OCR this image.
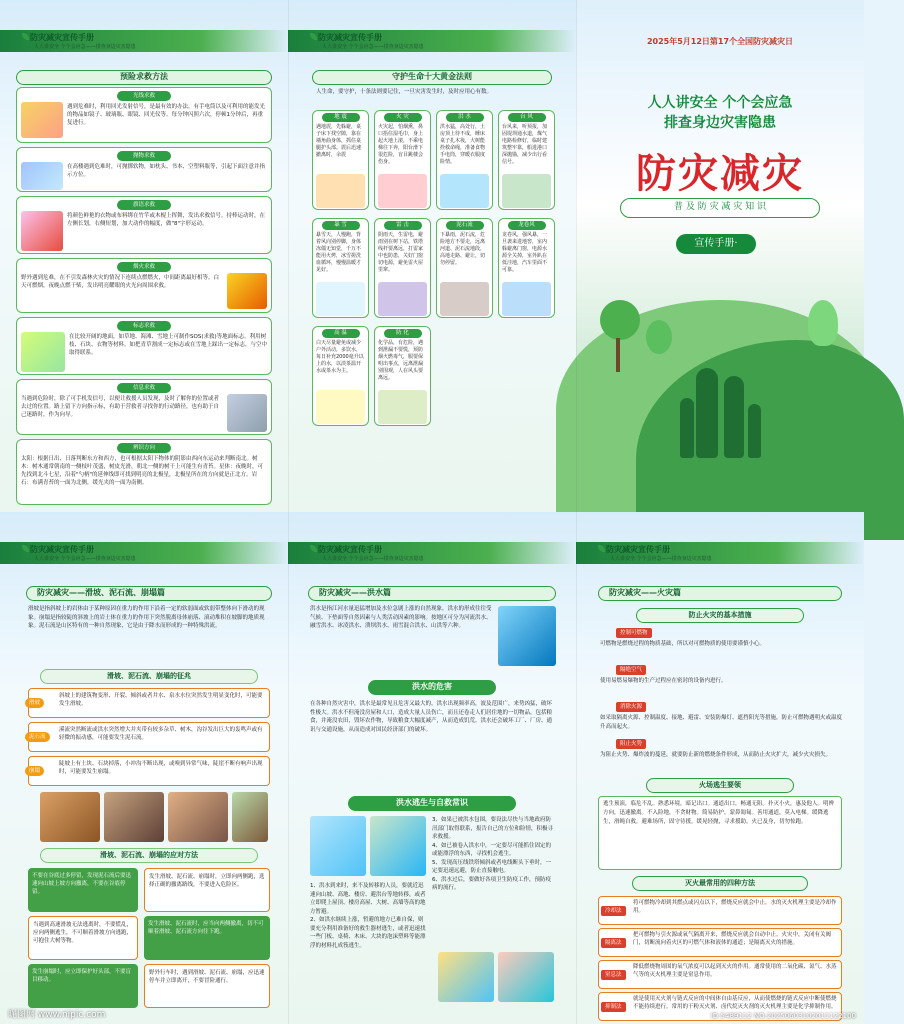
防灾减灾宣传手册
人人讲安全 个个会应急——排查身边灾害隐患
预险求救方法
光线求救
遇到危难时，利用回光发射信号，是最有效的办法。有手电筒以及可利用的能发光的物品如镜子、玻璃瓶、眼镜、回光仪等。每分钟闪照六次，停顿1分钟后，再重复进行。
抛物求救
在高楼遇到危难时，可抛掷软物，如枕头、书本、空塑料瓶等，引起下面注意并指示方位。
旗语求救
将颜色鲜艳的衣物或布料绑在竹竿或木棍上挥舞，发出求救信号。持棒运动时，在左侧长划，右侧短划，加大动作的幅度，做"8"字形运动。
烟火求救
野外遇到危难，在不引发森林火灾的情况下连续点燃燃火，中间距离最好相等。白天可燃烟，夜晚点燃干柴，发出明亮耀眼的火光向周围求救。
标志求救
在比较开阔的地面，如草地、海滩、雪地上可制作SOS(求救)等地面标志。利用树枝、石块、衣物等材料。如把青草割成一定标志或在雪地上踩出一定标志，与空中取得联系。
信息求救
当遇到危险时，除了可手机发信号，以便让救援人员发现，及时了解你的位置或者去过的位置。路上留下方向指示标，有助于营救者寻找你的行动路径，也有助于自己迷路时，作为向导。
辨识方向
太阳：根据日出、日落判断东方和西方，也可根据太阳下物体的阴影由西向东运动来判断南北。树木：树木通常朝南的一侧枝叶茂盛，树皮光滑，朝北一侧的树干上可能生有青苔。星体：夜晚时，可先找到北斗七星，沿着"勺柄"的延伸线即可找到明亮的北极星，北极星所在的方向就是正北方。岩石：布满青苔的一面为北侧，缓光夹的一面为南侧。
防灾减灾宣传手册
人人讲安全 个个会应急——排查身边灾害隐患
守护生命十大黄金法则
人生命，要守护，十条法则要记住，一旦灾害发生时，及时应用心有数。
地 震
遇地震，先躲避，桌子床下找空隙，靠在墙角曲身体，抓住桌腿护头部。震后迅速撤离时，余震
火 灾
火灾起，怕烟熏，鼻口捂住湿毛巾，身上起火地上滚，不乘电梯往下奔，阳台滑下很危险，盲目跳楼会伤身。
洪 水
洪水猛，高处行，土房顶上待不成，睡床桌子扎木筏，大树能拴救命绳，准备食物手电筒，穿暖衣服度险情。
台 风
台风来，听预报，加固堤坝通水道，煤气电路检修好，临时建筑整牢靠，船进港口深抛锚，减少出行看信号。
暴 雪
暴雪天，人慢跑，背着风向别停脚，身体冻僵无知觉，千万不能用火烤，冰雪搓洗血循环，慢慢温暖才见好。
雷 击
阴雨天，生雷电，避雨别在树下站，铁塔线杆要离远，打雷家中也防患，关好门窗切电源，避免雷火屋里窜。
泥石流
下暴雨，泥石流，危险地方不要走，远离河道、泥石流地段，高地走路、避让，切勿停留。
龙卷风
龙卷风，强风暴，一旦袭来进地窖，室内躲避离门窗，电源水源全关掉，室外趴在低洼地，汽车里面不可靠。
高 温
白天尽量避免或减少户外活动，多饮水，每日补充2000毫升以上的水，以淡茶温开水或茶水为主。
防 化
化学品，有危险，遇到泄漏不要慌，预防烟火燃毒气，服要保明出事点，远离泄漏别围观，人在风头要离远。
2025年5月12日第17个全国防灾减灾日
人人讲安全 个个会应急
排查身边灾害隐患
防灾减灾
普 及 防 灾 减 灾 知 识
宣传手册·
防灾减灾宣传手册
人人讲安全 个个会应急——排查身边灾害隐患
防灾减灾——滑坡、泥石流、崩塌篇
滑坡是指斜坡上的岩体由于某种原因在重力的作用下沿着一定的软弱面或软弱带整体向下滑动的现象。崩塌是指较陡的斜坡上的岩土体在重力的作用下突然脱离母体崩落、滚动堆积在坡脚的地质现象。泥石流是山区特有的一种自然现象，它是由于降水而形成的一种特殊洪流。
滑坡、泥石流、崩塌的征兆
滑坡
斜坡上的建筑物变形、开裂、倾斜或者井水、泉水水位突然发生明显变化时，可能要发生滑坡。
泥石流
溪流突然断流或洪水突然增大并夹带有较多杂草、树木，沟谷发出巨大的轰鸣声或有轻微的振动感，可能要发生泥石流。
崩塌
陡坡上有土块、石块掉落，小冲沟不断出现，或嗅到异常气味，陡崖不断有响声出现时，可能要发生崩塌。
滑坡、泥石流、崩塌的应对方法
不要在谷底过多停留，发现泥石流后要迅速向山坡上坡方向撤离，不要在谷底停留。
发生滑坡、泥石流、崩塌时，立即向两侧跑，选择正确的撤离路线，不要进入危险区。
当遇到高速滑坡无法逃离时，不要慌乱，应向两侧逃生，不可顺着滑坡方向逃跑，可抱住大树等物。
发生滑坡、泥石流时，应当向两侧撤离，切不可顺着滑坡、泥石流方向往下跑。
发生崩塌时，应立即保护好头部，不要盲目移动。
野外行车时，遇到滑坡、泥石流、崩塌，应迅速停车并立即离开，不要冒险通行。
防灾减灾宣传手册
人人讲安全 个个会应急——排查身边灾害隐患
防灾减灾——洪水篇
洪水是指江河水量迅猛增加及水位急剧上涨的自然现象。洪水的形成往往受气候、下垫面等自然因素与人类活动因素的影响。按地区可分为河流洪水、融雪洪水、冰凌洪水、溃坝洪水、雨雪混合洪水、山洪等六种。
洪水的危害
在各种自然灾害中，洪水是最常见且危害又最大的。洪水出现频率高，波及范围广，来势凶猛，破坏性极大。洪水不但淹没房屋和人口，造成大量人员伤亡，而且还卷走人们居住地的一切物品，包括粮食，并淹没农田，毁坏农作物，导致粮食大幅度减产，从而造成饥荒。洪水还会破坏工厂、厂房、通讯与交通设施，从而造成对国民经济部门的破坏。
洪水逃生与自救常识
1、洪水到来时，来不及转移的人员，要就近迅速向山坡、高地、楼房、避洪台等地转移，或者立即爬上屋顶、楼房高屋、大树、高墙等高的地方暂避。
2、如洪水继续上涨，暂避的地方已难自保，则要充分利用准备好的救生器材逃生，或者迅速找一些门板、桌椅、木床、大块的泡沫塑料等能漂浮的材料扎成筏逃生。
3、如果已被洪水包围，要设法尽快与当地政府防汛部门取得联系，报告自己的方位和险情，积极寻求救援。
4、如已被卷入洪水中，一定要尽可能抓住固定的或能漂浮的东西，寻找机会逃生。
5、发现高压线铁塔倾斜或者电线断头下垂时，一定要迅速远避，防止直接触电。
6、洪水过后，要做好各项卫生防疫工作，预防疫病的流行。
防灾减灾宣传手册
人人讲安全 个个会应急——排查身边灾害隐患
防灾减灾——火灾篇
防止火灾的基本措施
控制可燃物
可燃物是燃烧过程的物质基础，所以对可燃物质的使用要谨慎小心。
隔绝空气
使用易燃易爆物的生产过程应在密封的设备内进行。
消除火源
如采取隔离火源、控制温度、接地、避雷、安装防爆灯、遮挡阳光等措施，防止可燃物遇明火或温度升高而起火。
阻止火势
为阻止火势、爆炸波的蔓延，就要防止新的燃烧条件形成，从而防止火灾扩大，减少火灾损失。
火场逃生要领
逃生预演，临危不乱。熟悉环境，暗记出口。通道出口，畅通无阻。扑灭小火，惠及他人。明辨方向，迅速撤离。不入险地，不贪财物。简易防护，蒙鼻匍匐。善用通道，莫入电梯。缓降逃生，滑绳自救。避难场所，固守待援。缓晃轻抛，寻求援助。火已及身，切勿惊跑。
灭火最常用的四种方法
冷却法
将可燃物冷却到其燃点或闪点以下，燃烧反应就会中止。水的灭火机理主要是冷却作用。
隔离法
把可燃物与引火源或氧气隔离开来，燃烧反应就会自动中止。火灾中，关闭有关阀门，切断流向着火区的可燃气体和液体的通道；是隔离灭火的措施。
窒息法
降低燃烧物周围的氧气浓度可以起到灭火的作用。通常使用的二氧化碳、氮气、水蒸气等的灭火机理主要是窒息作用。
抑制法
就是使用灭火剂与链式反应的中间体自由基反应，从而使燃烧的链式反应中断使燃烧不能持续进行。常用的干粉灭火剂、卤代烷灭火剂的灭火机理主要是化学抑制作用。
昵图网 www.nipic.com	ID:5489112 NO:20250603102011122100
